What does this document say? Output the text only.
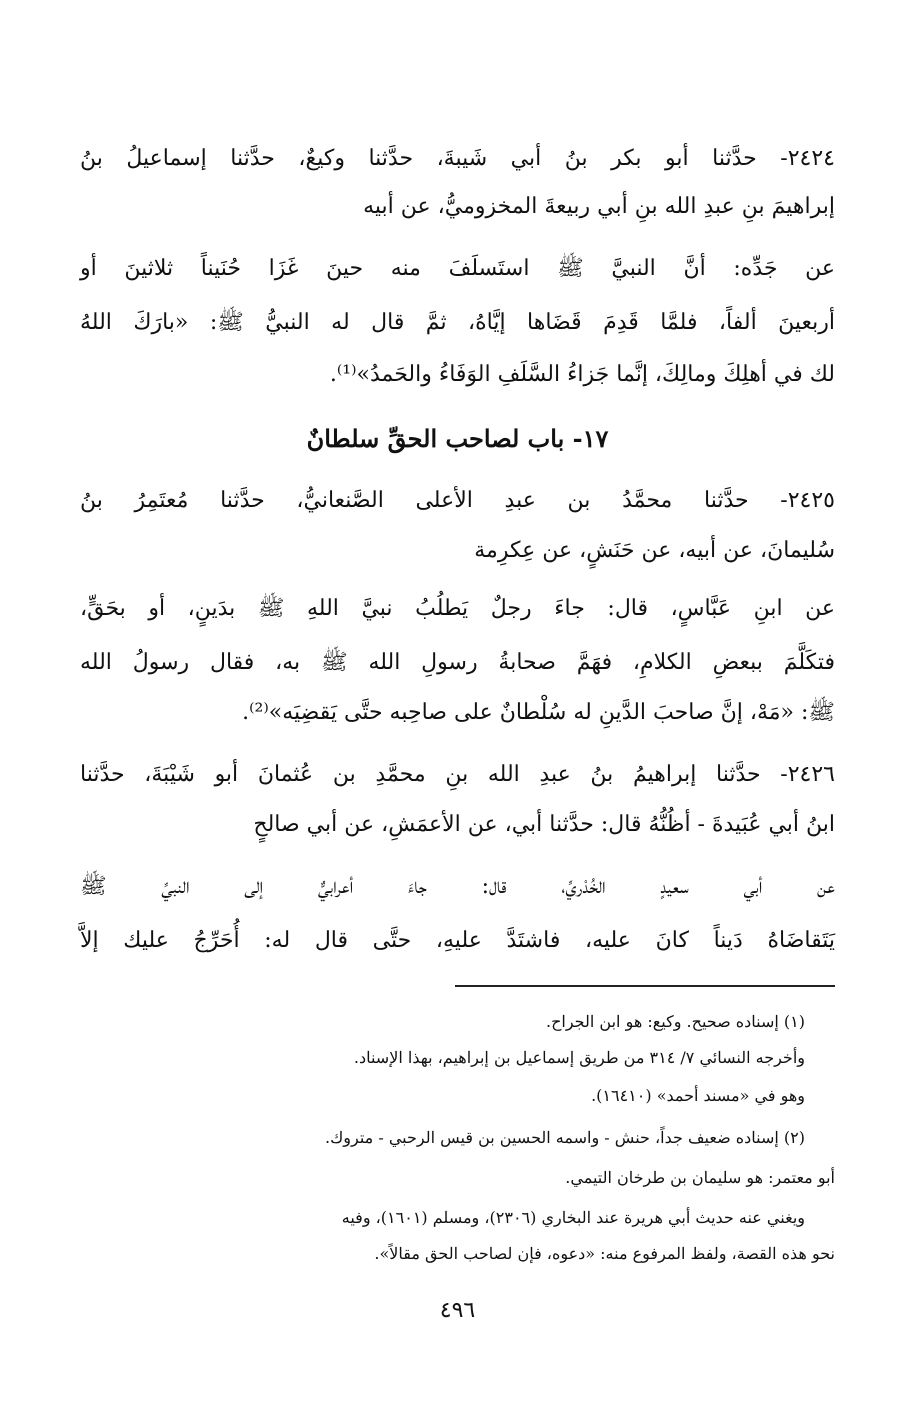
٢٤٢٤- حدَّثنا أبو بكر بنُ أبي شَيبةَ، حدَّثنا وكيعٌ، حدَّثنا إسماعيلُ بنُ
إبراهيمَ بنِ عبدِ الله بنِ أبي ربيعةَ المخزوميُّ، عن أبيه
عن جَدِّه: أنَّ النبيَّ ﷺ استَسلَفَ منه حينَ غَزَا حُنَيناً ثلاثينَ أو
أربعينَ ألفاً، فلمَّا قَدِمَ قَضَاها إيَّاهُ، ثمَّ قال له النبيُّ ﷺ: «بارَكَ اللهُ
لك في أهلِكَ ومالِكَ، إنَّما جَزاءُ السَّلَفِ الوَفَاءُ والحَمدُ»⁽¹⁾.
١٧- باب لصاحب الحقِّ سلطانٌ
٢٤٢٥- حدَّثنا محمَّدُ بن عبدِ الأعلى الصَّنعانيُّ، حدَّثنا مُعتَمِرُ بنُ
سُليمانَ، عن أبيه، عن حَنَشٍ، عن عِكرِمة
عن ابنِ عَبَّاسٍ، قال: جاءَ رجلٌ يَطلُبُ نبيَّ اللهِ ﷺ بدَينٍ، أو بحَقٍّ،
فتكَلَّمَ ببعضِ الكلامِ، فهَمَّ صحابةُ رسولِ الله ﷺ به، فقال رسولُ الله
ﷺ: «مَهْ، إنَّ صاحبَ الدَّينِ له سُلْطانٌ على صاحِبه حتَّى يَقضِيَه»⁽²⁾.
٢٤٢٦- حدَّثنا إبراهيمُ بنُ عبدِ الله بنِ محمَّدِ بن عُثمانَ أبو شَيْبَةَ، حدَّثنا
ابنُ أبي عُبَيدةَ - أظُنُّهُ قال: حدَّثنا أبي، عن الأعمَشِ، عن أبي صالحٍ
عن أبي سعيدٍ الخُدْريِّ، قال: جاءَ أعرابيٌّ إلى النبيِّ ﷺ
يَتَقاضَاهُ دَيناً كانَ عليه، فاشتَدَّ عليهِ، حتَّى قال له: أُحَرِّجُ عليك إلاَّ
(١) إسناده صحيح. وكيع: هو ابن الجراح.
وأخرجه النسائي ٧/ ٣١٤ من طريق إسماعيل بن إبراهيم، بهذا الإسناد.
وهو في «مسند أحمد» (١٦٤١٠).
(٢) إسناده ضعيف جداً، حنش - واسمه الحسين بن قيس الرحبي - متروك.
أبو معتمر: هو سليمان بن طرخان التيمي.
ويغني عنه حديث أبي هريرة عند البخاري (٢٣٠٦)، ومسلم (١٦٠١)، وفيه
نحو هذه القصة، ولفظ المرفوع منه: «دعوه، فإن لصاحب الحق مقالاً».
٤٩٦
